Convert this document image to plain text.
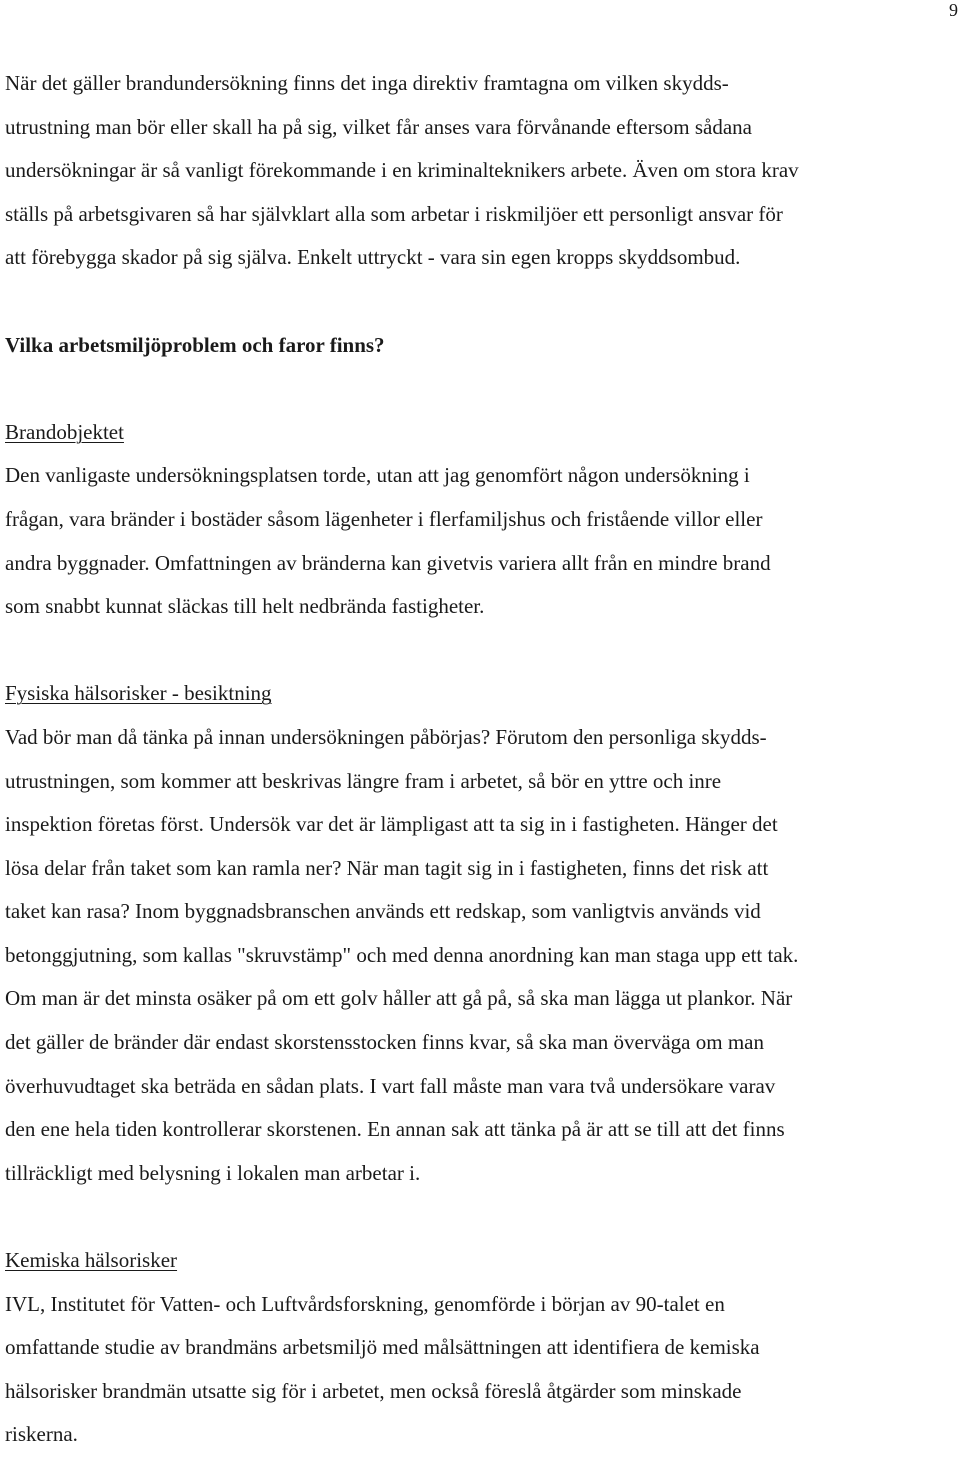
9

När det gäller brandundersökning finns det inga direktiv framtagna om vilken skydds-
utrustning man bör eller skall ha på sig, vilket får anses vara förvånande eftersom sådana
undersökningar är så vanligt förekommande i en kriminalteknikers arbete. Även om stora krav
ställs på arbetsgivaren så har självklart alla som arbetar i riskmiljöer ett personligt ansvar för
att förebygga skador på sig själva. Enkelt uttryckt - vara sin egen kropps skyddsombud.

Vilka arbetsmiljöproblem och faror finns?

Brandobjektet

Den vanligaste undersökningsplatsen torde, utan att jag genomfört någon undersökning i
frågan, vara bränder i bostäder såsom lägenheter i flerfamiljshus och fristående villor eller
andra byggnader. Omfattningen av bränderna kan givetvis variera allt från en mindre brand
som snabbt kunnat släckas till helt nedbrända fastigheter.

Fysiska hälsorisker - besiktning

Vad bör man då tänka på innan undersökningen påbörjas? Förutom den personliga skydds-
utrustningen, som kommer att beskrivas längre fram i arbetet, så bör en yttre och inre
inspektion företas först. Undersök var det är lämpligast att ta sig in i fastigheten. Hänger det
lösa delar från taket som kan ramla ner? När man tagit sig in i fastigheten, finns det risk att
taket kan rasa? Inom byggnadsbranschen används ett redskap, som vanligtvis används vid
betonggjutning, som kallas "skruvstämp" och med denna anordning kan man staga upp ett tak.
Om man är det minsta osäker på om ett golv håller att gå på, så ska man lägga ut plankor. När
det gäller de bränder där endast skorstensstocken finns kvar, så ska man överväga om man
överhuvudtaget ska beträda en sådan plats. I vart fall måste man vara två undersökare varav
den ene hela tiden kontrollerar skorstenen. En annan sak att tänka på är att se till att det finns
tillräckligt med belysning i lokalen man arbetar i.

Kemiska hälsorisker

IVL, Institutet för Vatten- och Luftvårdsforskning, genomförde i början av 90-talet en
omfattande studie av brandmäns arbetsmiljö med målsättningen att identifiera de kemiska
hälsorisker brandmän utsatte sig för i arbetet, men också föreslå åtgärder som minskade
riskerna.
